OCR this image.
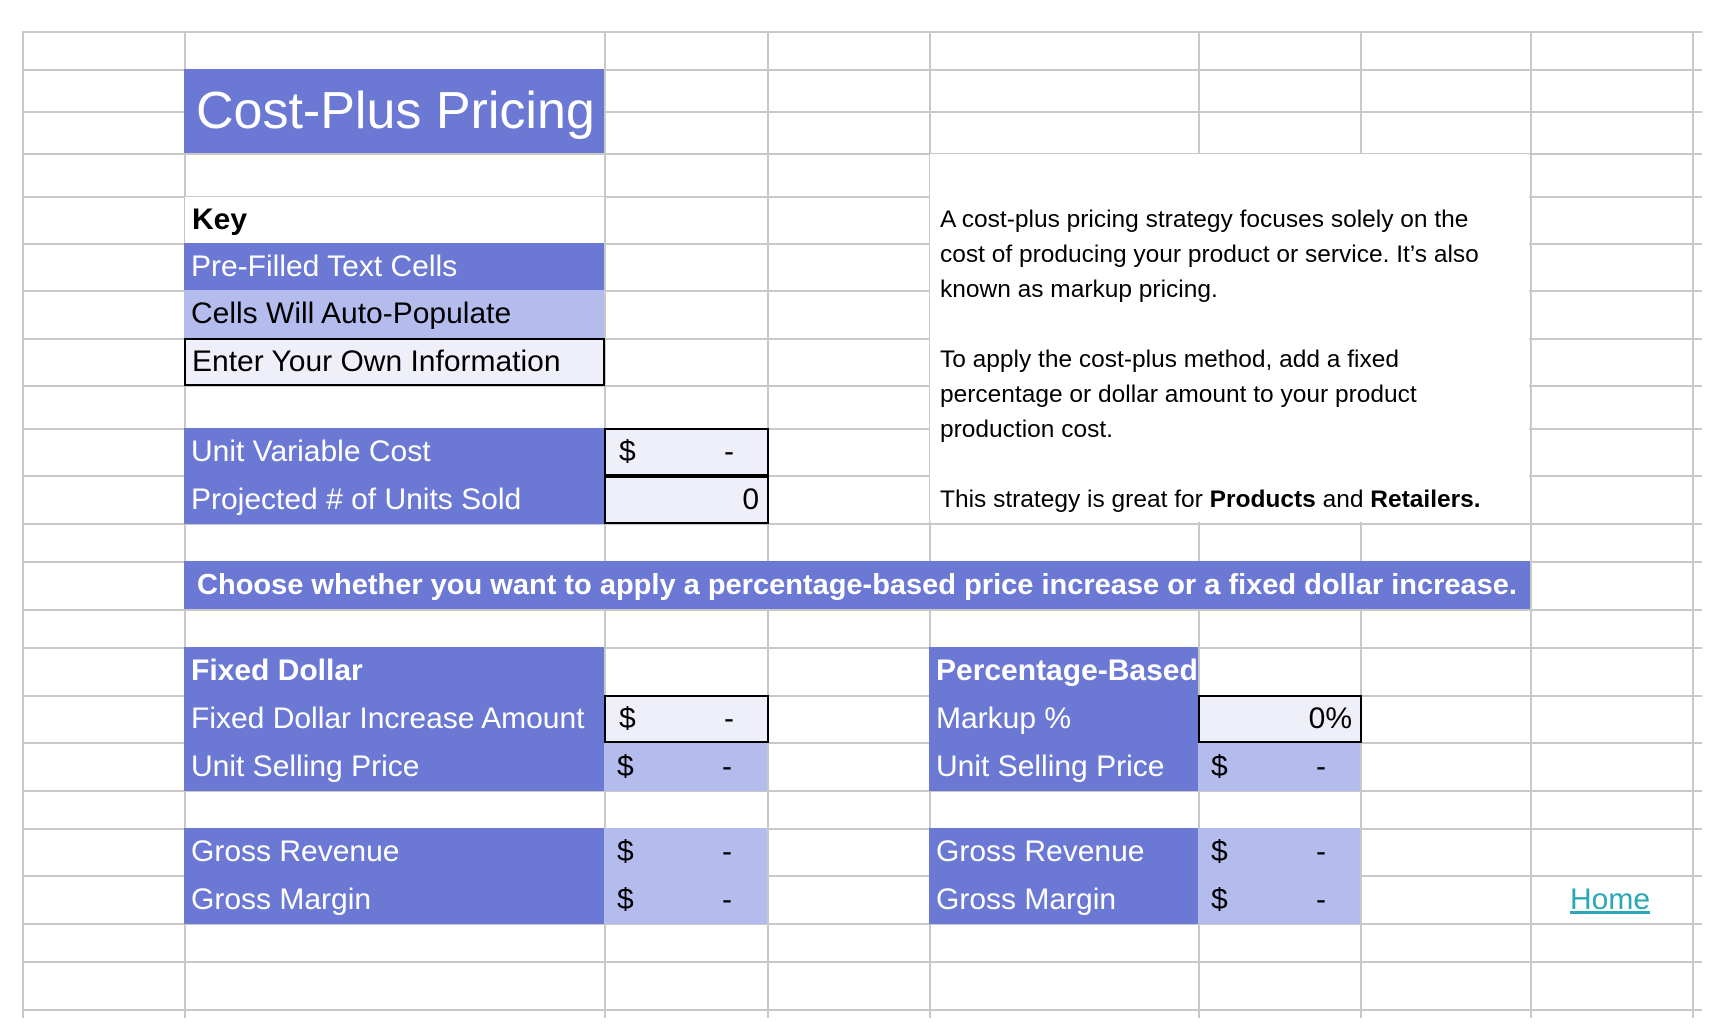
Cost-Plus Pricing
Key
Pre-Filled Text Cells
Cells Will Auto-Populate
Enter Your Own Information
Unit Variable Cost	$	-
Projected # of Units Sold	0

A cost-plus pricing strategy focuses solely on the cost of producing your product or service. It’s also known as markup pricing.

To apply the cost-plus method, add a fixed percentage or dollar amount to your product production cost.

This strategy is great for Products and Retailers.

Choose whether you want to apply a percentage-based price increase or a fixed dollar increase.
Fixed Dollar
Fixed Dollar Increase Amount	$	-
Unit Selling Price	$	-
Gross Revenue	$	-
Gross Margin	$	-
Percentage-Based
Markup %	0%
Unit Selling Price	$	-
Gross Revenue	$	-
Gross Margin	$	-	Home
